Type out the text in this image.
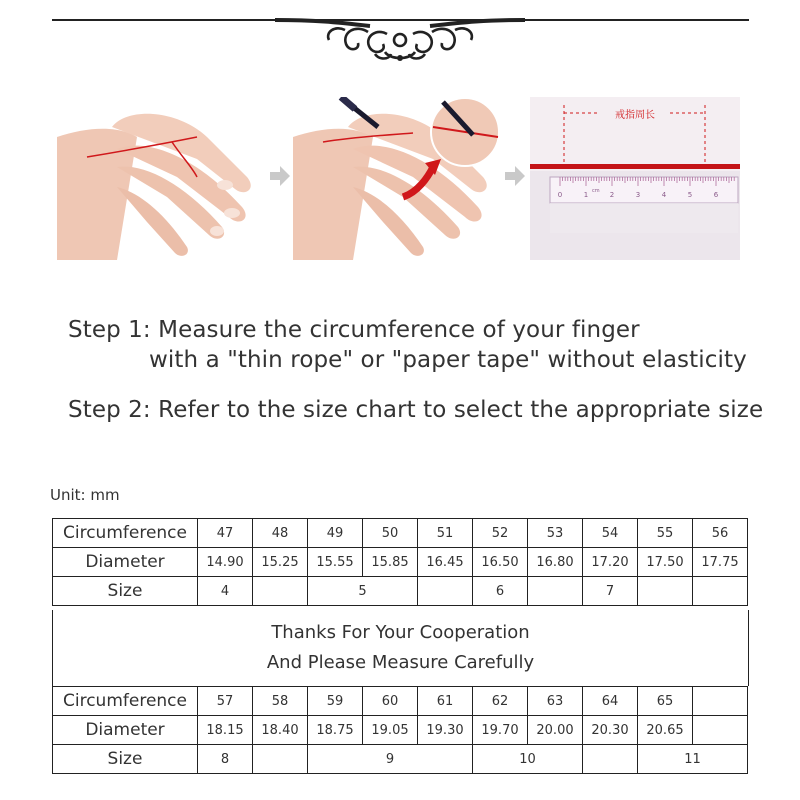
戒指周长
0	1	2	3	4	5	6
cm
Step 1: Measure the circumference of your finger
with a "thin rope" or "paper tape" without elasticity
Step 2: Refer to the size chart to select the appropriate size
Unit: mm
Circumference	47	48	49	50	51	52	53	54	55	56
Diameter	14.90	15.25	15.55	15.85	16.45	16.50	16.80	17.20	17.50	17.75
Size	4		5			6		7		
Thanks For Your Cooperation
And Please Measure Carefully
Circumference	57	58	59	60	61	62	63	64	65	
Diameter	18.15	18.40	18.75	19.05	19.30	19.70	20.00	20.30	20.65	
Size	8		9			10			11	
